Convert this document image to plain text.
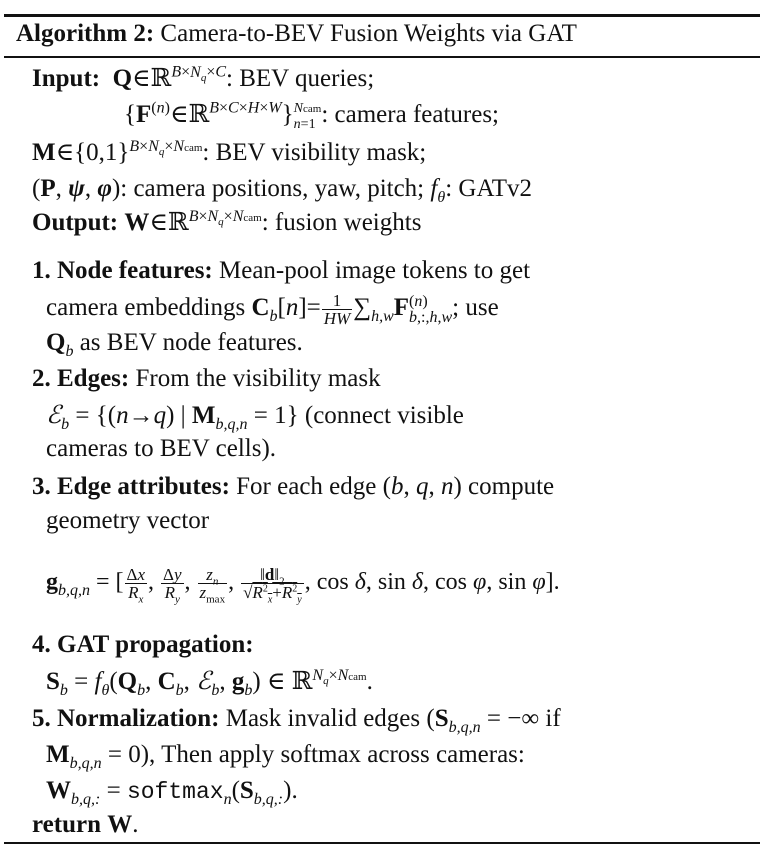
Algorithm 2: Camera-to-BEV Fusion Weights via GAT
Input: Q∈ℝ$^{B\times N_q\times C}$: BEV queries;
$\{F^{(n)}\in ℝ^{B\times C\times H\times W}\}$ Ncam
n=1 : camera features;
$M\in\{0,1\}^{B\times N_q\times Ncam}$: BEV visibility mask;
(P, ψ, φ): camera positions, yaw, pitch; $f_\theta$: GATv2
Output: W∈ℝ$^{B\times N_q\times Ncam}$: fusion weights
1. Node features: Mean-pool image tokens to get
camera embeddings $C_b[n]= \frac{1}{HW} \sum_{h,w}F$ (n)
b,:,h,w ; use
$Q_b$ as BEV node features.
2. Edges: From the visibility mask
ℰ$_b$ = {(n→q) | $M_{b,q,n} = 1$} (connect visible
cameras to BEV cells).
3. Edge attributes: For each edge (b, q, n) compute
geometry vector
$g_{b,q,n}$ = [ $\frac{\Delta x}{R_x}$ , $\frac{\Delta y}{R_y}$ , $\frac{z_n}{z_{max}}$ , $\frac{‖d‖_2}{√R^2_x+R^2_y}$ , cos δ, sin δ, cos φ, sin φ].
4. GAT propagation:
$S_b = f_\theta(Q_b$, $C_b$, ℰ$_b$, $g_b$) ∈ ℝ$^{N_q\times Ncam}$.
5. Normalization: Mask invalid edges ($S_{b,q,n}$ = −∞ if
$M_{b,q,n} = 0$), Then apply softmax across cameras:
$W_{b,q,:}$ = $softmax_n(S_{b,q,:})$.
return W.
